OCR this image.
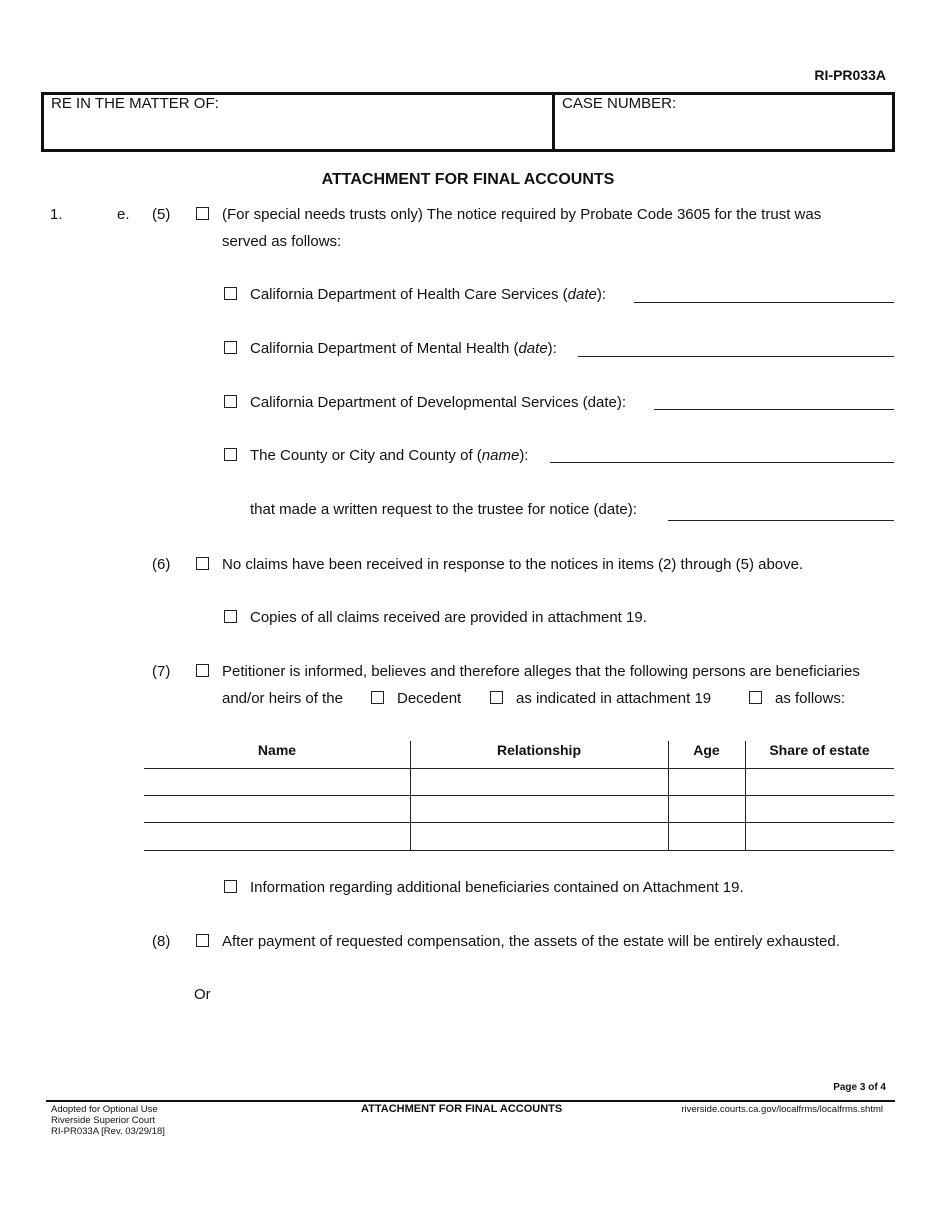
RI-PR033A
RE IN THE MATTER OF:	CASE NUMBER:
ATTACHMENT FOR FINAL ACCOUNTS
1.	e. (5)	(For special needs trusts only) The notice required by Probate Code 3605 for the trust was
served as follows:
California Department of Health Care Services (date):
California Department of Mental Health (date):
California Department of Developmental Services (date):
The County or City and County of (name):
that made a written request to the trustee for notice (date):
(6)	No claims have been received in response to the notices in items (2) through (5) above.
Copies of all claims received are provided in attachment 19.
(7)	Petitioner is informed, believes and therefore alleges that the following persons are beneficiaries
and/or heirs of the	Decedent	as indicated in attachment 19	as follows:
Name	Relationship	Age	Share of estate
Information regarding additional beneficiaries contained on Attachment 19.
(8)	After payment of requested compensation, the assets of the estate will be entirely exhausted.
Or
Page 3 of 4
Adopted for Optional Use
Riverside Superior Court
RI-PR033A [Rev. 03/29/18]
ATTACHMENT FOR FINAL ACCOUNTS	riverside.courts.ca.gov/localfrms/localfrms.shtml
